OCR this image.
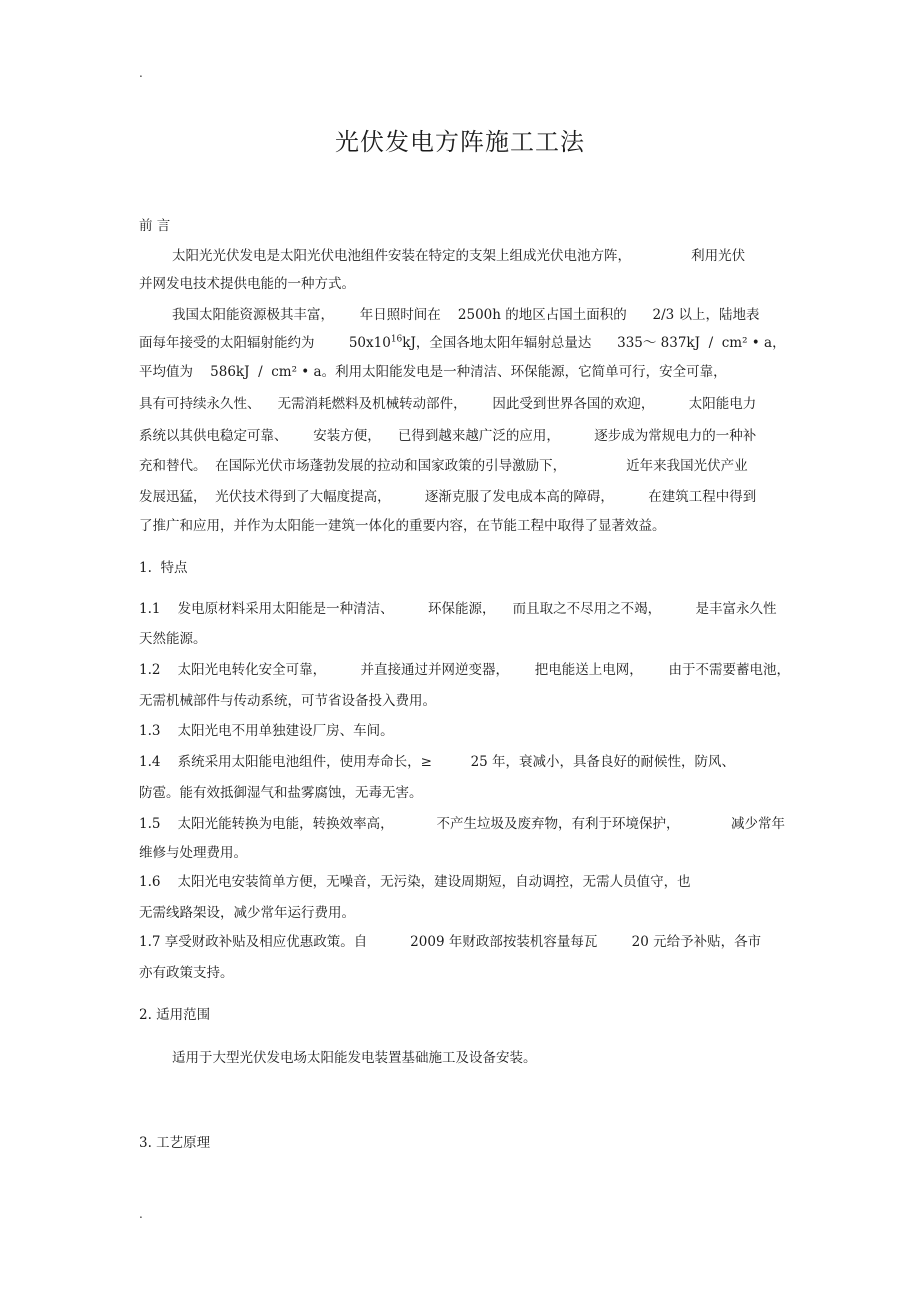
.
光伏发电方阵施工工法
前 言
太阳光光伏发电是太阳光伏电池组件安装在特定的支架上组成光伏电池方阵，              利用光伏
并网发电技术提供电能的一种方式。
我国太阳能资源极其丰富，      年日照时间在    2500h 的地区占国土面积的      2/3 以上，陆地表
面每年接受的太阳辐射能约为        $50x10^{16}kJ$，全国各地太阳年辐射总量达      335～ 837kJ  /  cm² • a，
平均值为    586kJ  /  cm² • a。利用太阳能发电是一种清洁、环保能源，它简单可行，安全可靠，
具有可持续永久性、    无需消耗燃料及机械转动部件，      因此受到世界各国的欢迎，        太阳能电力
系统以其供电稳定可靠、      安装方便，    已得到越来越广泛的应用，        逐步成为常规电力的一种补
充和替代。  在国际光伏市场蓬勃发展的拉动和国家政策的引导激励下，              近年来我国光伏产业
发展迅猛，  光伏技术得到了大幅度提高，        逐渐克服了发电成本高的障碍，        在建筑工程中得到
了推广和应用，并作为太阳能一建筑一体化的重要内容，在节能工程中取得了显著效益。
1.  特点
1.1    发电原材料采用太阳能是一种清洁、        环保能源，    而且取之不尽用之不竭，        是丰富永久性
天然能源。
1.2    太阳光电转化安全可靠，        并直接通过并网逆变器，      把电能送上电网，      由于不需要蓄电池，
无需机械部件与传动系统，可节省设备投入费用。
1.3    太阳光电不用单独建设厂房、车间。
1.4    系统采用太阳能电池组件，使用寿命长，≥         25 年，衰减小，具备良好的耐候性，防风、
防雹。能有效抵御湿气和盐雾腐蚀，无毒无害。
1.5    太阳光能转换为电能，转换效率高，          不产生垃圾及废弃物，有利于环境保护，            减少常年
维修与处理费用。
1.6    太阳光电安装简单方便，无噪音，无污染，建设周期短，自动调控，无需人员值守，也
无需线路架设，减少常年运行费用。
1.7 享受财政补贴及相应优惠政策。自          2009 年财政部按装机容量每瓦        20 元给予补贴，各市
亦有政策支持。
2. 适用范围
适用于大型光伏发电场太阳能发电装置基础施工及设备安装。
3. 工艺原理
.
